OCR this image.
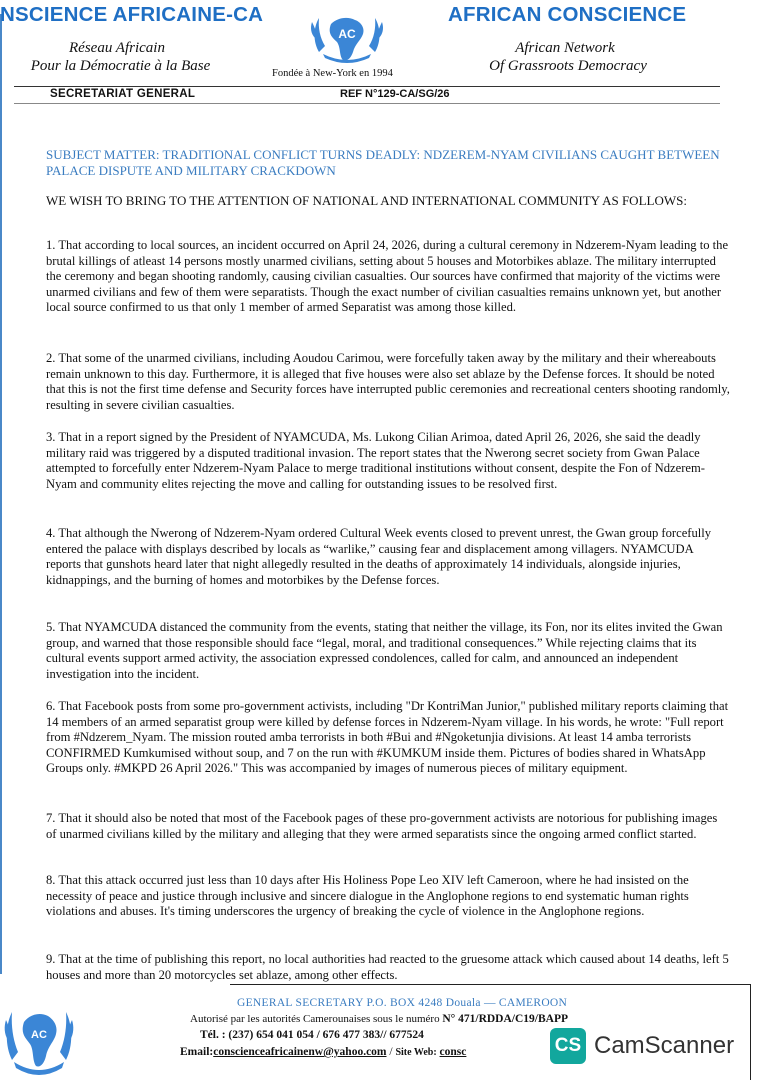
NSCIENCE AFRICAINE-CA	AFRICAN CONSCIENCE
AC
Réseau Africain
Pour la Démocratie à la Base
African Network
Of Grassroots Democracy
Fondée à New-York en 1994
SECRETARIAT GENERAL	REF N°129-CA/SG/26
SUBJECT MATTER: TRADITIONAL CONFLICT TURNS DEADLY: NDZEREM-NYAM CIVILIANS CAUGHT BETWEEN PALACE DISPUTE AND MILITARY CRACKDOWN
WE WISH TO BRING TO THE ATTENTION OF NATIONAL AND INTERNATIONAL COMMUNITY AS FOLLOWS:
1. That according to local sources, an incident occurred on April 24, 2026, during a cultural ceremony in Ndzerem-Nyam leading to the brutal killings of atleast 14 persons mostly unarmed civilians, setting about 5 houses and Motorbikes ablaze. The military interrupted the ceremony and began shooting randomly, causing civilian casualties. Our sources have confirmed that majority of the victims were unarmed civilians and few of them were separatists. Though the exact number of civilian casualties remains unknown yet, but another local source confirmed to us that only 1 member of armed Separatist was among those killed.
2. That some of the unarmed civilians, including Aoudou Carimou, were forcefully taken away by the military and their whereabouts remain unknown to this day. Furthermore, it is alleged that five houses were also set ablaze by the Defense forces. It should be noted that this is not the first time defense and Security forces have interrupted public ceremonies and recreational centers shooting randomly, resulting in severe civilian casualties.
3. That in a report signed by the President of NYAMCUDA, Ms. Lukong Cilian Arimoa, dated April 26, 2026, she said the deadly military raid was triggered by a disputed traditional invasion. The report states that the Nwerong secret society from Gwan Palace attempted to forcefully enter Ndzerem-Nyam Palace to merge traditional institutions without consent, despite the Fon of Ndzerem-Nyam and community elites rejecting the move and calling for outstanding issues to be resolved first.
4. That although the Nwerong of Ndzerem-Nyam ordered Cultural Week events closed to prevent unrest, the Gwan group forcefully entered the palace with displays described by locals as “warlike,” causing fear and displacement among villagers. NYAMCUDA reports that gunshots heard later that night allegedly resulted in the deaths of approximately 14 individuals, alongside injuries, kidnappings, and the burning of homes and motorbikes by the Defense forces.
5. That NYAMCUDA distanced the community from the events, stating that neither the village, its Fon, nor its elites invited the Gwan group, and warned that those responsible should face “legal, moral, and traditional consequences.” While rejecting claims that its cultural events support armed activity, the association expressed condolences, called for calm, and announced an independent investigation into the incident.
6. That Facebook posts from some pro-government activists, including "Dr KontriMan Junior," published military reports claiming that 14 members of an armed separatist group were killed by defense forces in Ndzerem-Nyam village. In his words, he wrote: "Full report from #Ndzerem_Nyam. The mission routed amba terrorists in both #Bui and #Ngoketunjia divisions. At least 14 amba terrorists CONFIRMED Kumkumised without soup, and 7 on the run with #KUMKUM inside them. Pictures of bodies shared in WhatsApp Groups only. #MKPD 26 April 2026." This was accompanied by images of numerous pieces of military equipment.
7. That it should also be noted that most of the Facebook pages of these pro-government activists are notorious for publishing images of unarmed civilians killed by the military and alleging that they were armed separatists since the ongoing armed conflict started.
8. That this attack occurred just less than 10 days after His Holiness Pope Leo XIV left Cameroon, where he had insisted on the necessity of peace and justice through inclusive and sincere dialogue in the Anglophone regions to end systematic human rights violations and abuses. It's timing underscores the urgency of breaking the cycle of violence in the Anglophone regions.
9. That at the time of publishing this report, no local authorities had reacted to the gruesome attack which caused about 14 deaths, left 5 houses and more than 20 motorcycles set ablaze, among other effects.
AC
GENERAL SECRETARY P.O. BOX 4248 Douala — CAMEROON
Autorisé par les autorités Camerounaises sous le numéro N° 471/RDDA/C19/BAPP
Tél. : (237) 654 041 054 / 676 477 383// 677524
Email:conscienceafricainenw@yahoo.com / Site Web: consc	CS CamScanner
